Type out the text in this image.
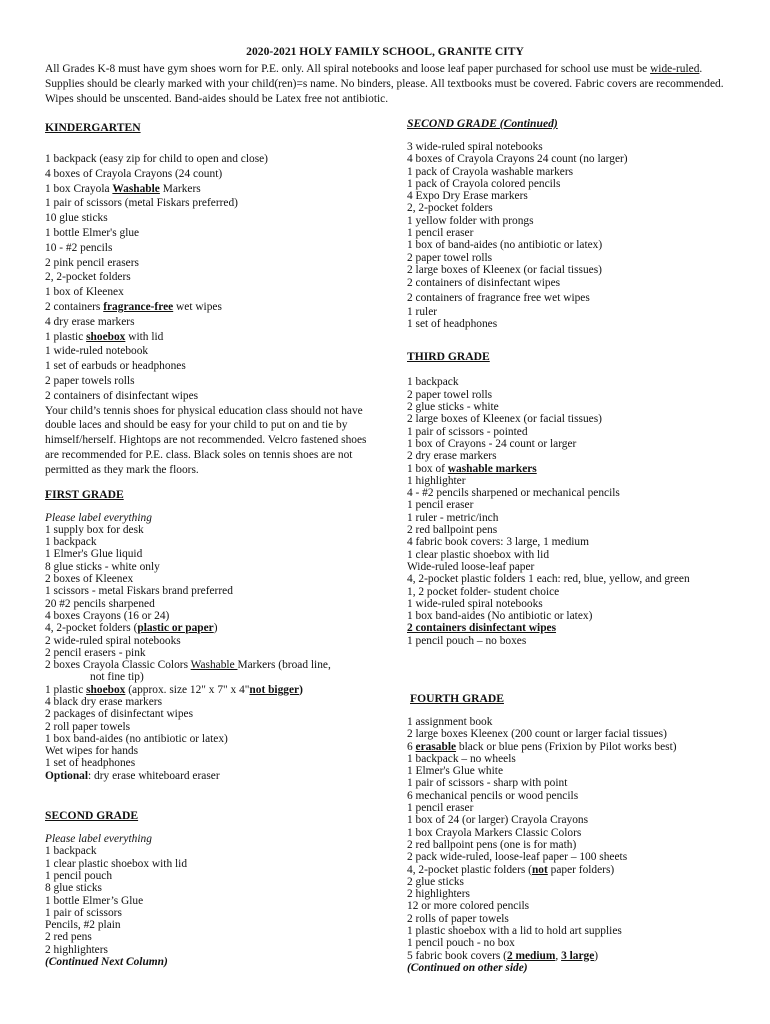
2020-2021 HOLY FAMILY SCHOOL, GRANITE CITY
All Grades K-8 must have gym shoes worn for P.E. only. All spiral notebooks and loose leaf paper purchased for school use must be wide-ruled. Supplies should be clearly marked with your child(ren)=s name. No binders, please. All textbooks must be covered. Fabric covers are recommended. Wipes should be unscented. Band-aides should be Latex free not antibiotic.
KINDERGARTEN
1 backpack (easy zip for child to open and close)
4 boxes of Crayola Crayons (24 count)
1 box Crayola Washable Markers
1 pair of scissors (metal Fiskars preferred)
10 glue sticks
1 bottle Elmer's glue
10 - #2 pencils
2 pink pencil erasers
2, 2-pocket folders
1 box of Kleenex
2 containers fragrance-free wet wipes
4 dry erase markers
1 plastic shoebox with lid
1 wide-ruled notebook
1 set of earbuds or headphones
2 paper towels rolls
2 containers of disinfectant wipes
Your child’s tennis shoes for physical education class should not have double laces and should be easy for your child to put on and tie by himself/herself. Hightops are not recommended. Velcro fastened shoes are recommended for P.E. class. Black soles on tennis shoes are not permitted as they mark the floors.
FIRST GRADE
Please label everything
1 supply box for desk
1 backpack
1 Elmer's Glue liquid
8 glue sticks - white only
2 boxes of Kleenex
1 scissors - metal Fiskars brand preferred
20 #2 pencils sharpened
4 boxes Crayons (16 or 24)
4, 2-pocket folders (plastic or paper)
2 wide-ruled spiral notebooks
2 pencil erasers - pink
2 boxes Crayola Classic Colors Washable Markers (broad line,
not fine tip)
1 plastic shoebox (approx. size 12" x 7" x 4"not bigger)
4 black dry erase markers
2 packages of disinfectant wipes
2 roll paper towels
1 box band-aides (no antibiotic or latex)
Wet wipes for hands
1 set of headphones
Optional: dry erase whiteboard eraser
SECOND GRADE
Please label everything
1 backpack
1 clear plastic shoebox with lid
1 pencil pouch
8 glue sticks
1 bottle Elmer’s Glue
1 pair of scissors
Pencils, #2 plain
2 red pens
2 highlighters
(Continued Next Column)
SECOND GRADE (Continued)
3 wide-ruled spiral notebooks
4 boxes of Crayola Crayons 24 count (no larger)
1 pack of Crayola washable markers
1 pack of Crayola colored pencils
4 Expo Dry Erase markers
2, 2-pocket folders
1 yellow folder with prongs
1 pencil eraser
1 box of band-aides (no antibiotic or latex)
2 paper towel rolls
2 large boxes of Kleenex (or facial tissues)
2 containers of disinfectant wipes
2 containers of fragrance free wet wipes
1 ruler
1 set of headphones
THIRD GRADE
1 backpack
2 paper towel rolls
2 glue sticks - white
2 large boxes of Kleenex (or facial tissues)
1 pair of scissors - pointed
1 box of Crayons - 24 count or larger
2 dry erase markers
1 box of washable markers
1 highlighter
4 - #2 pencils sharpened or mechanical pencils
1 pencil eraser
1 ruler - metric/inch
2 red ballpoint pens
4 fabric book covers: 3 large, 1 medium
1 clear plastic shoebox with lid
Wide-ruled loose-leaf paper
4, 2-pocket plastic folders 1 each: red, blue, yellow, and green
1, 2 pocket folder- student choice
1 wide-ruled spiral notebooks
1 box band-aides (No antibiotic or latex)
2 containers disinfectant wipes
1 pencil pouch – no boxes
FOURTH GRADE
1 assignment book
2 large boxes Kleenex (200 count or larger facial tissues)
6 erasable black or blue pens (Frixion by Pilot works best)
1 backpack – no wheels
1 Elmer's Glue white
1 pair of scissors - sharp with point
6 mechanical pencils or wood pencils
1 pencil eraser
1 box of 24 (or larger) Crayola Crayons
1 box Crayola Markers Classic Colors
2 red ballpoint pens (one is for math)
2 pack wide-ruled, loose-leaf paper – 100 sheets
4, 2-pocket plastic folders (not paper folders)
2 glue sticks
2 highlighters
12 or more colored pencils
2 rolls of paper towels
1 plastic shoebox with a lid to hold art supplies
1 pencil pouch - no box
5 fabric book covers (2 medium, 3 large)
(Continued on other side)
